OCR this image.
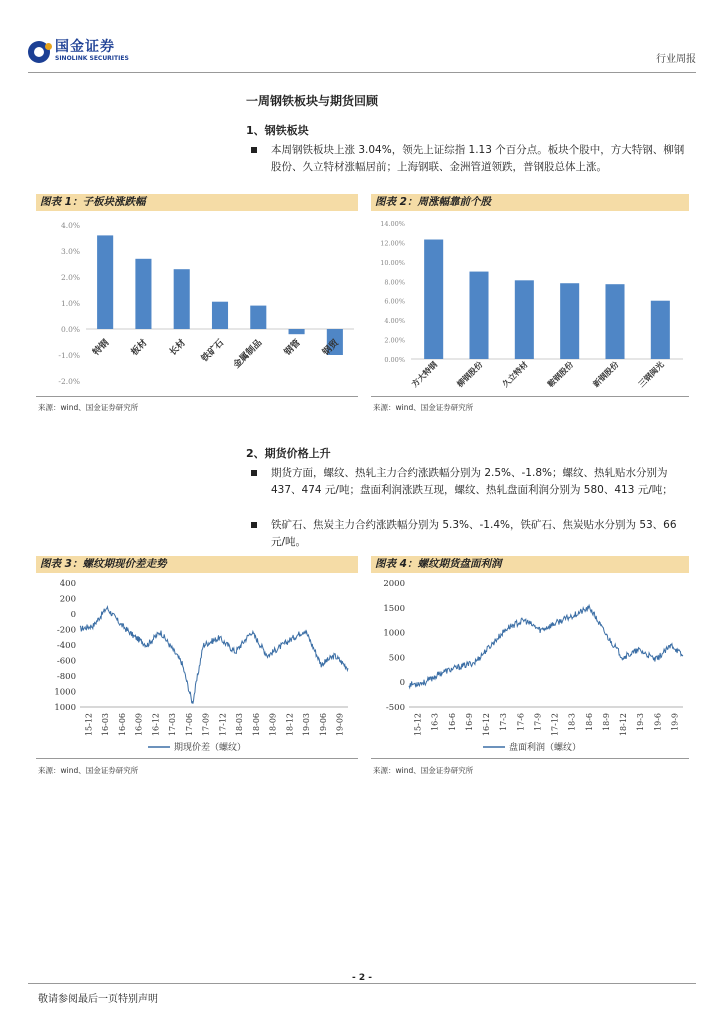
国金证券
SINOLINK SECURITIES	行业周报
一周钢铁板块与期货回顾
1、钢铁板块
本周钢铁板块上涨 3.04%，领先上证综指 1.13 个百分点。板块个股中，方大特钢、柳钢股份、久立特材涨幅居前；上海钢联、金洲管道领跌，普钢股总体上涨。
图表 1：子板块涨跌幅
4.0%
3.0%
2.0%
1.0%
0.0%
-1.0%
-2.0%
特钢 板材 长材 铁矿石 金属制品 钢管 钢贸
来源：wind、国金证券研究所
图表 2：周涨幅靠前个股
14.00%
12.00%
10.00%
8.00%
6.00%
4.00%
2.00%
0.00% 方大特钢 柳钢股份 久立特材 鞍钢股份 新钢股份 三钢闽光
来源：wind、国金证券研究所
2、期货价格上升
期货方面，螺纹、热轧主力合约涨跌幅分别为 2.5%、-1.8%；螺纹、热轧贴水分别为 437、474 元/吨；盘面利润涨跌互现，螺纹、热轧盘面利润分别为 580、413 元/吨；
铁矿石、焦炭主力合约涨跌幅分别为 5.3%、-1.4%，铁矿石、焦炭贴水分别为 53、66 元/吨。
图表 3：螺纹期现价差走势
400
200
0
-200
-400
-600
-800
1000
1000
15-12 16-03 16-06 16-09 16-12 17-03 17-06 17-09 17-12 18-03 18-06 18-09 18-12 19-03 19-06 19-09
期现价差（螺纹）
来源：wind、国金证券研究所
图表 4：螺纹期货盘面利润
2000
1500
1000
500
0
-500
15-12 16-3 16-6 16-9 16-12 17-3 17-6 17-9 17-12 18-3 18-6 18-9 18-12 19-3 19-6 19-9
盘面利润（螺纹）
来源：wind、国金证券研究所
- 2 -
敬请参阅最后一页特别声明
